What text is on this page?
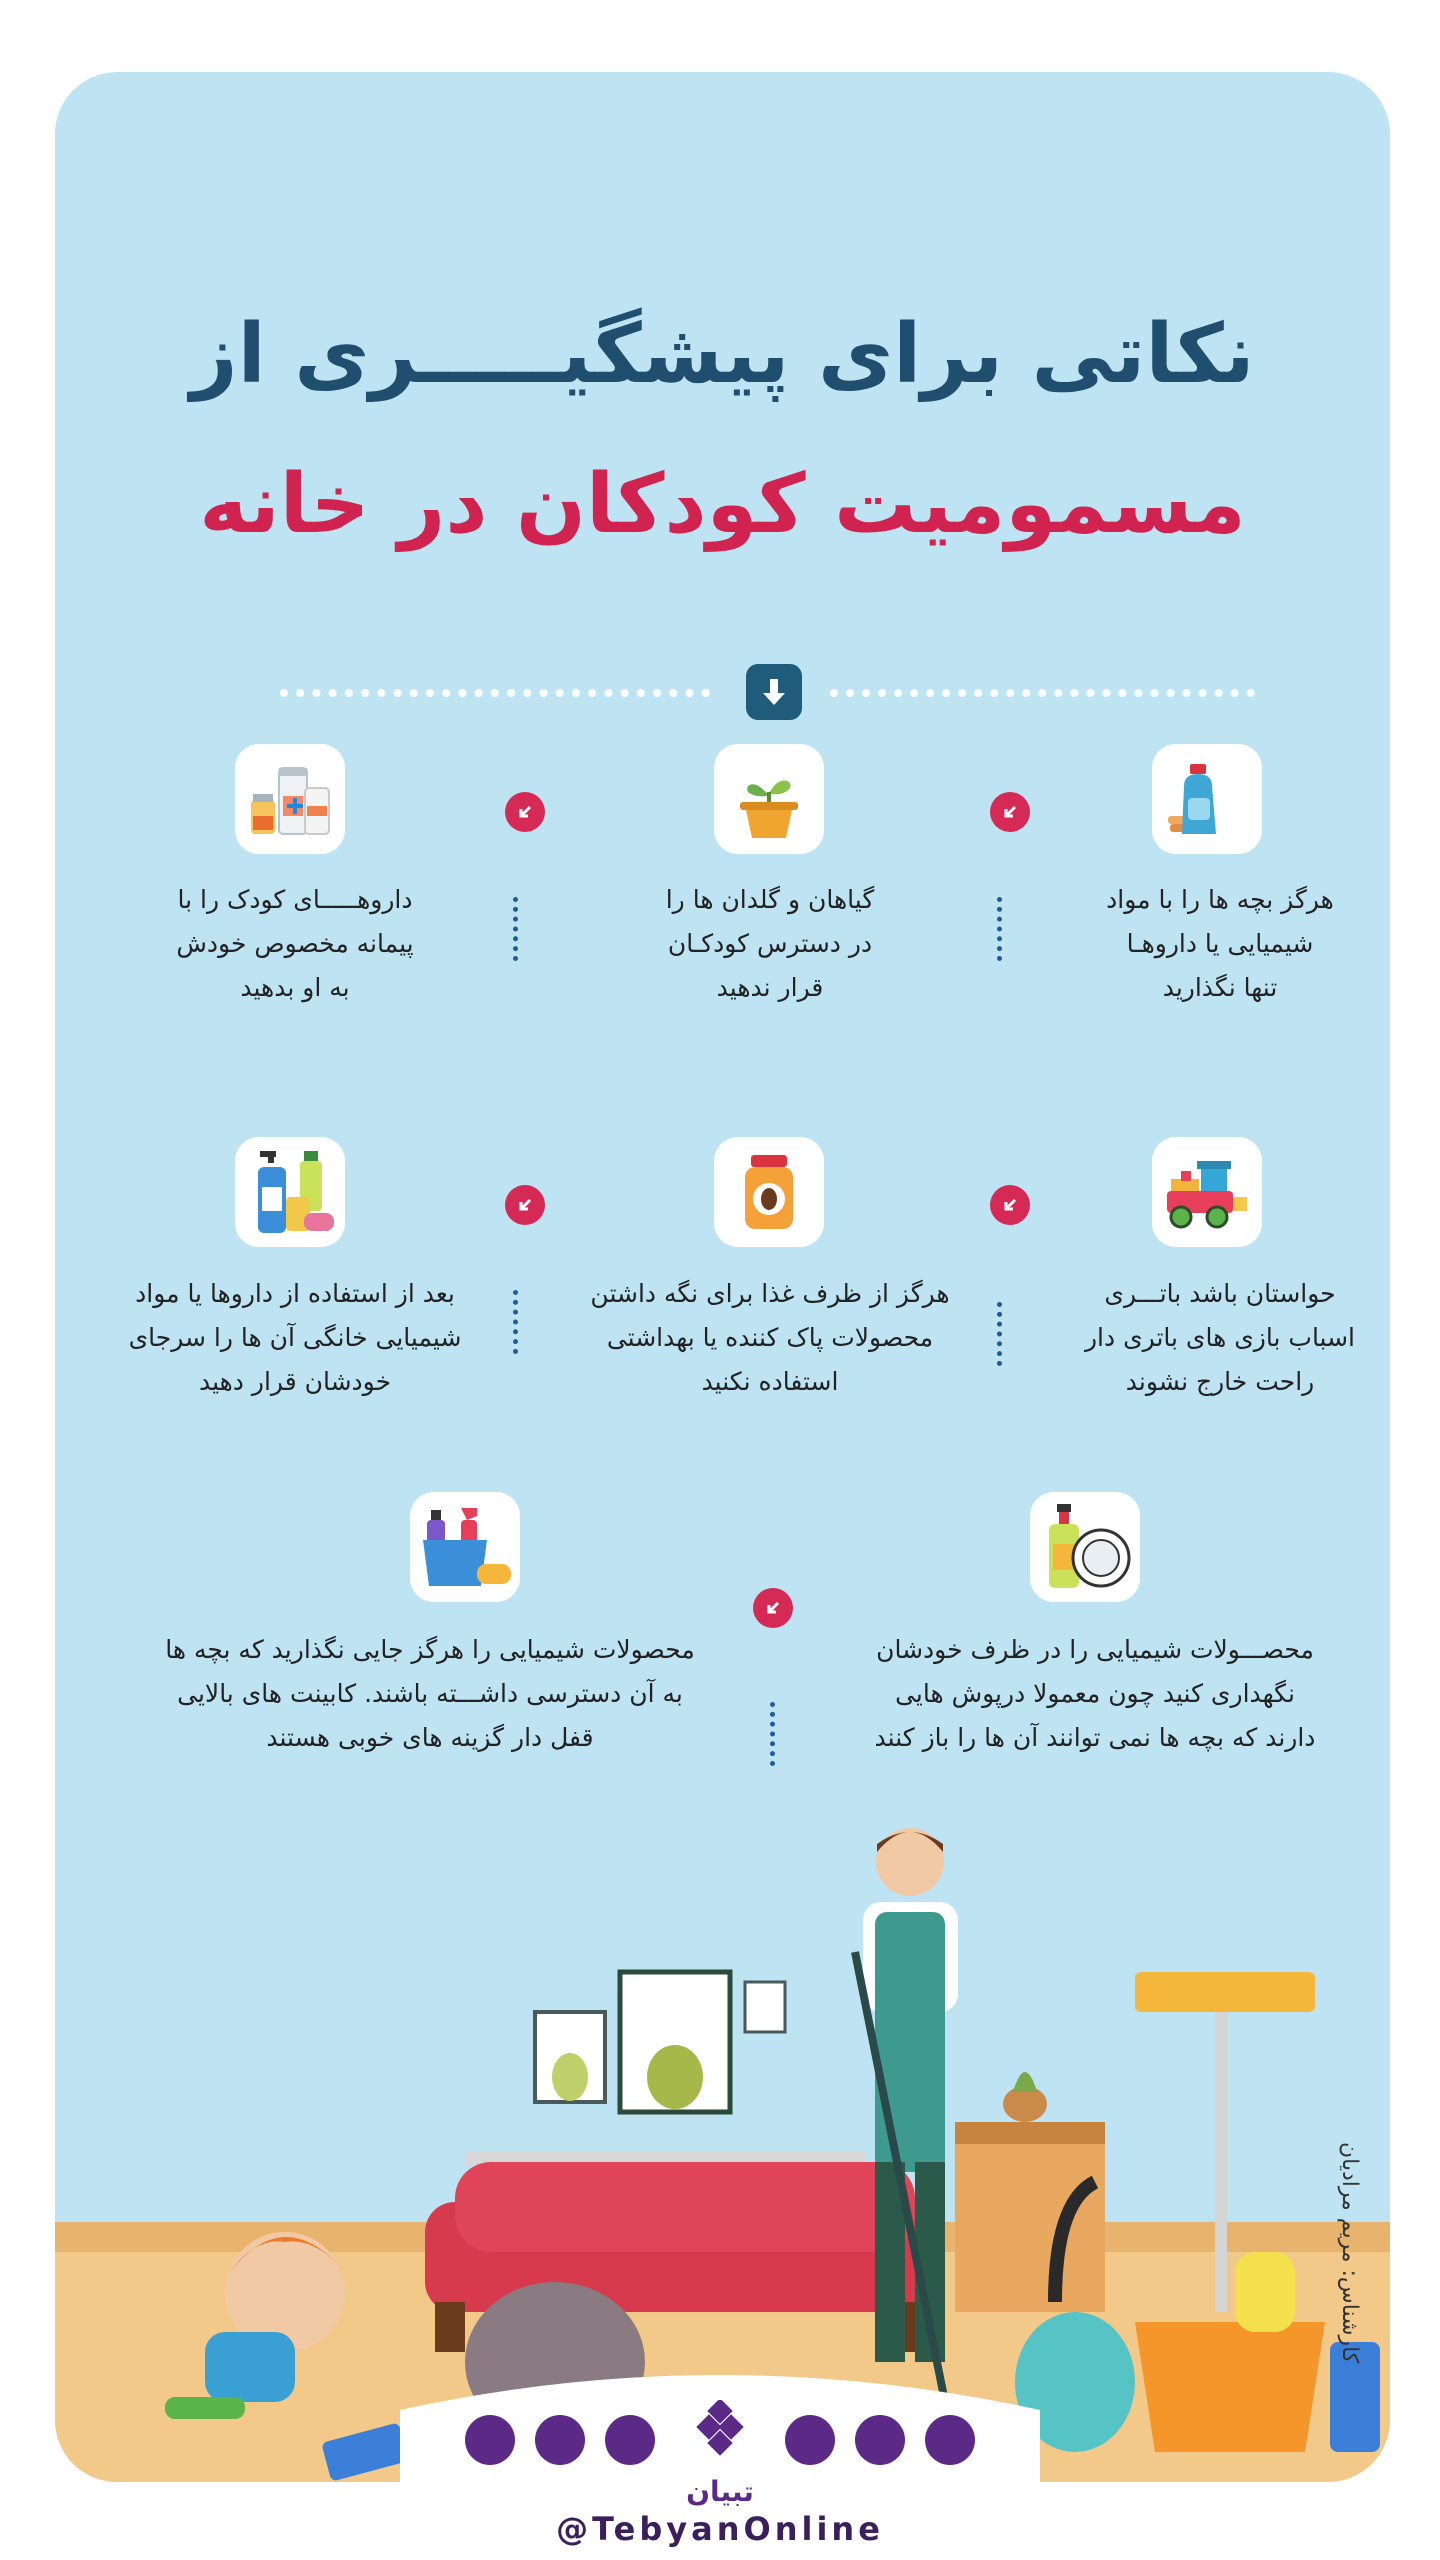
نکاتی برای پیشگیـــــری از
مسمومیت کودکان در خانه
هرگز بچه ها را با مواد
شیمیایی یا داروهـا
تنها نگذارید
گیاهان و گلدان ها را
در دسترس کودکـان
قرار ندهید
داروهـــــای کودک را با
پیمانه مخصوص خودش
به او بدهید
حواستان باشد باتـــری
اسباب بازی های باتری دار
راحت خارج نشوند
هرگز از ظرف غذا برای نگه داشتن
محصولات پاک کننده یا بهداشتی
استفاده نکنید
بعد از استفاده از داروها یا مواد
شیمیایی خانگی آن ها را سرجای
خودشان قرار دهید
محصـــولات شیمیایی را در ظرف خودشان
نگهداری کنید چون معمولا درپوش هایی
دارند که بچه ها نمی توانند آن ها را باز کنند
محصولات شیمیایی را هرگز جایی نگذارید که بچه ها
به آن دسترسی داشـــته باشند. کابینت های بالایی
قفل دار گزینه های خوبی هستند
کارشناس: مریم مرادیان
تبیان
@TebyanOnline
